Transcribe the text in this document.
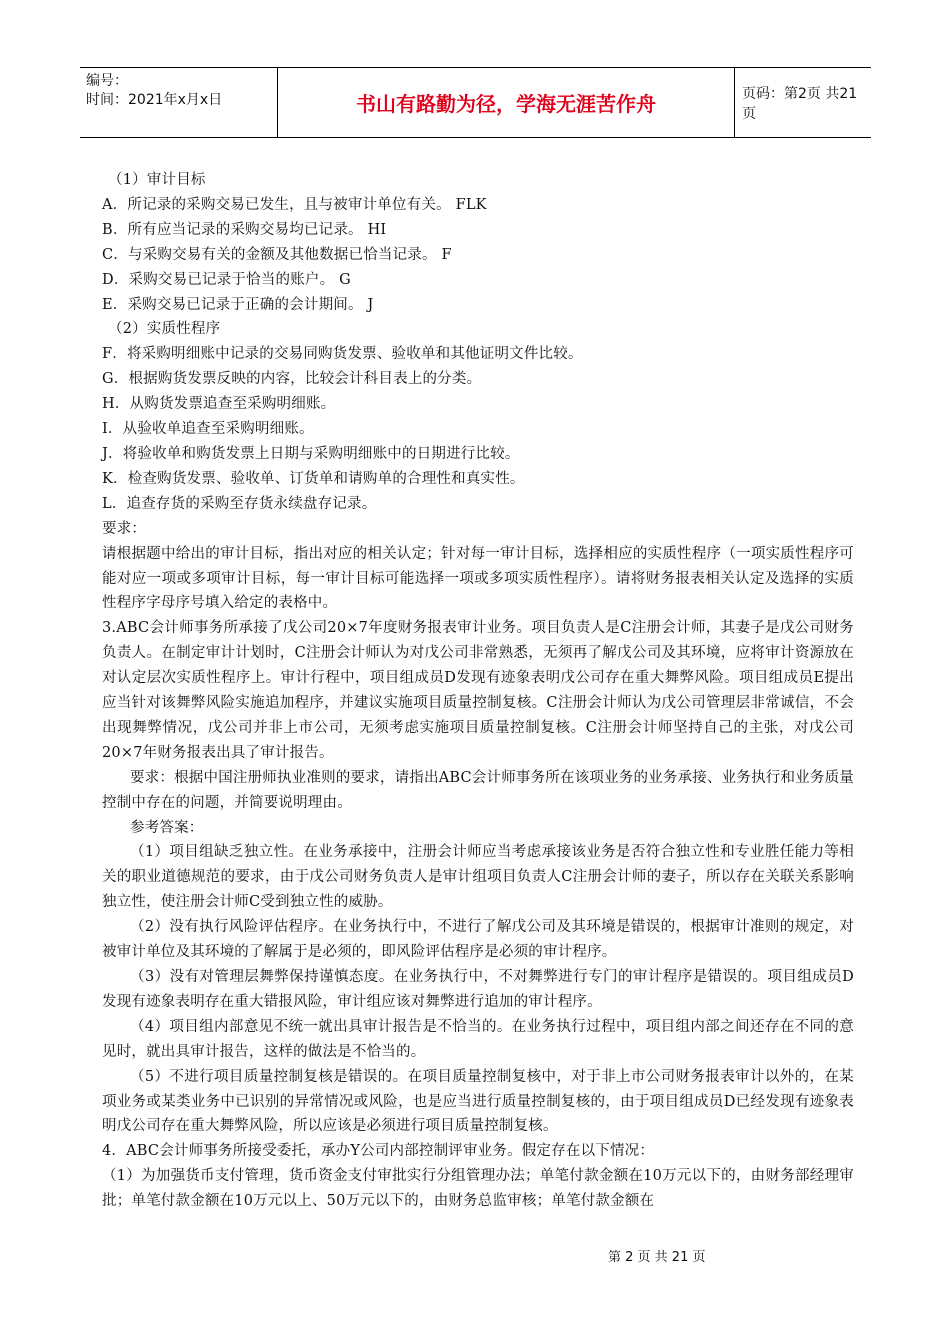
编号：
时间：2021年x月x日	书山有路勤为径，学海无涯苦作舟	页码：第2页 共21页

（1）审计目标

A．所记录的采购交易已发生，且与被审计单位有关。 FLK

B．所有应当记录的采购交易均已记录。 HI

C．与采购交易有关的金额及其他数据已恰当记录。 F

D．采购交易已记录于恰当的账户。 G

E．采购交易已记录于正确的会计期间。 J

（2）实质性程序

F．将采购明细账中记录的交易同购货发票、验收单和其他证明文件比较。

G．根据购货发票反映的内容，比较会计科目表上的分类。

H．从购货发票追查至采购明细账。

I．从验收单追查至采购明细账。

J．将验收单和购货发票上日期与采购明细账中的日期进行比较。

K．检查购货发票、验收单、订货单和请购单的合理性和真实性。

L．追查存货的采购至存货永续盘存记录。

要求：

请根据题中给出的审计目标，指出对应的相关认定；针对每一审计目标，选择相应的实质性程序（一项实质性程序可能对应一项或多项审计目标，每一审计目标可能选择一项或多项实质性程序）。请将财务报表相关认定及选择的实质性程序字母序号填入给定的表格中。

3.ABC会计师事务所承接了戊公司20×7年度财务报表审计业务。项目负责人是C注册会计师，其妻子是戊公司财务负责人。在制定审计计划时，C注册会计师认为对戊公司非常熟悉，无须再了解戊公司及其环境，应将审计资源放在对认定层次实质性程序上。审计行程中，项目组成员D发现有迹象表明戊公司存在重大舞弊风险。项目组成员E提出应当针对该舞弊风险实施追加程序，并建议实施项目质量控制复核。C注册会计师认为戊公司管理层非常诚信，不会出现舞弊情况，戊公司并非上市公司，无须考虑实施项目质量控制复核。C注册会计师坚持自己的主张，对戊公司20×7年财务报表出具了审计报告。

要求：根据中国注册师执业准则的要求，请指出ABC会计师事务所在该项业务的业务承接、业务执行和业务质量控制中存在的问题，并简要说明理由。

参考答案：

（1）项目组缺乏独立性。在业务承接中，注册会计师应当考虑承接该业务是否符合独立性和专业胜任能力等相关的职业道德规范的要求，由于戊公司财务负责人是审计组项目负责人C注册会计师的妻子，所以存在关联关系影响独立性，使注册会计师C受到独立性的威胁。

（2）没有执行风险评估程序。在业务执行中，不进行了解戊公司及其环境是错误的，根据审计准则的规定，对被审计单位及其环境的了解属于是必须的，即风险评估程序是必须的审计程序。

（3）没有对管理层舞弊保持谨慎态度。在业务执行中，不对舞弊进行专门的审计程序是错误的。项目组成员D发现有迹象表明存在重大错报风险，审计组应该对舞弊进行追加的审计程序。

（4）项目组内部意见不统一就出具审计报告是不恰当的。在业务执行过程中，项目组内部之间还存在不同的意见时，就出具审计报告，这样的做法是不恰当的。

（5）不进行项目质量控制复核是错误的。在项目质量控制复核中，对于非上市公司财务报表审计以外的，在某项业务或某类业务中已识别的异常情况或风险，也是应当进行质量控制复核的，由于项目组成员D已经发现有迹象表明戊公司存在重大舞弊风险，所以应该是必须进行项目质量控制复核。

4．ABC会计师事务所接受委托，承办Y公司内部控制评审业务。假定存在以下情况：

（1）为加强货币支付管理，货币资金支付审批实行分组管理办法；单笔付款金额在10万元以下的，由财务部经理审批；单笔付款金额在10万元以上、50万元以下的，由财务总监审核；单笔付款金额在

第 2 页 共 21 页
